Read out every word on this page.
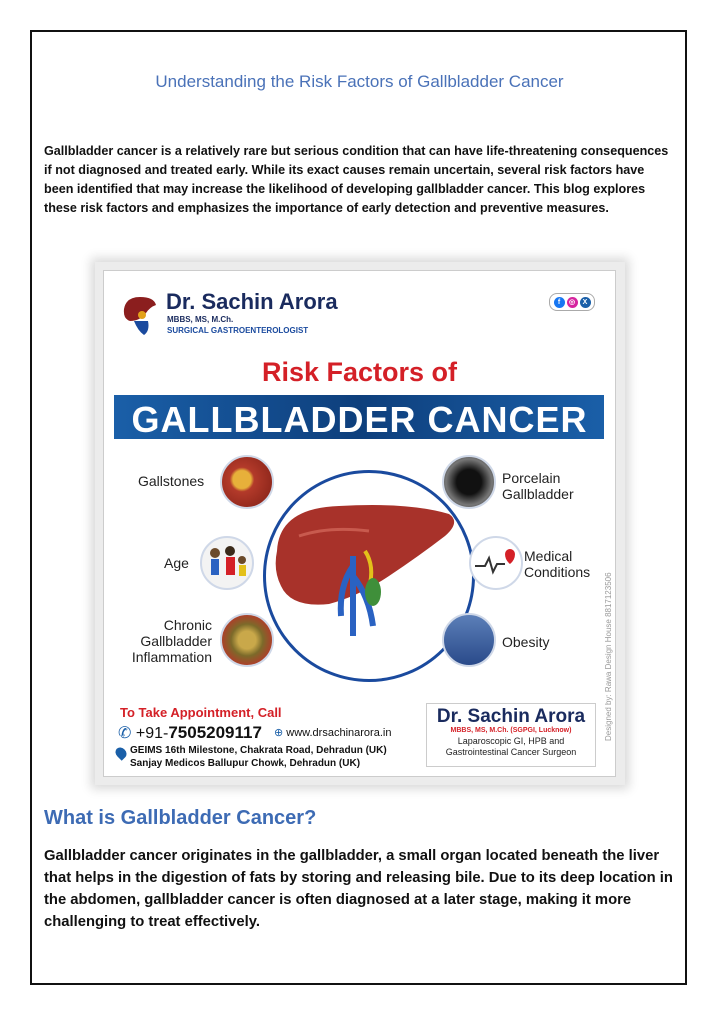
Understanding the Risk Factors of Gallbladder Cancer
Gallbladder cancer is a relatively rare but serious condition that can have life-threatening consequences if not diagnosed and treated early. While its exact causes remain uncertain, several risk factors have been identified that may increase the likelihood of developing gallbladder cancer. This blog explores these risk factors and emphasizes the importance of early detection and preventive measures.
Dr. Sachin Arora
MBBS, MS, M.Ch.
SURGICAL GASTROENTEROLOGIST
f	◎	X
Risk Factors of
GALLBLADDER CANCER
Gallstones
Age
Chronic
Gallbladder
Inflammation
Porcelain
Gallbladder
Medical
Conditions
Obesity
To Take Appointment, Call
✆ +91-7505209117 ⊕ www.drsachinarora.in
GEIMS 16th Milestone, Chakrata Road, Dehradun (UK)
Sanjay Medicos Ballupur Chowk, Dehradun (UK)
Dr. Sachin Arora
MBBS, MS, M.Ch. (SGPGI, Lucknow)
Laparoscopic GI, HPB and
Gastrointestinal Cancer Surgeon
Designed by: Rawa Design House 8817123506
What is Gallbladder Cancer?
Gallbladder cancer originates in the gallbladder, a small organ located beneath the liver that helps in the digestion of fats by storing and releasing bile. Due to its deep location in the abdomen, gallbladder cancer is often diagnosed at a later stage, making it more challenging to treat effectively.
